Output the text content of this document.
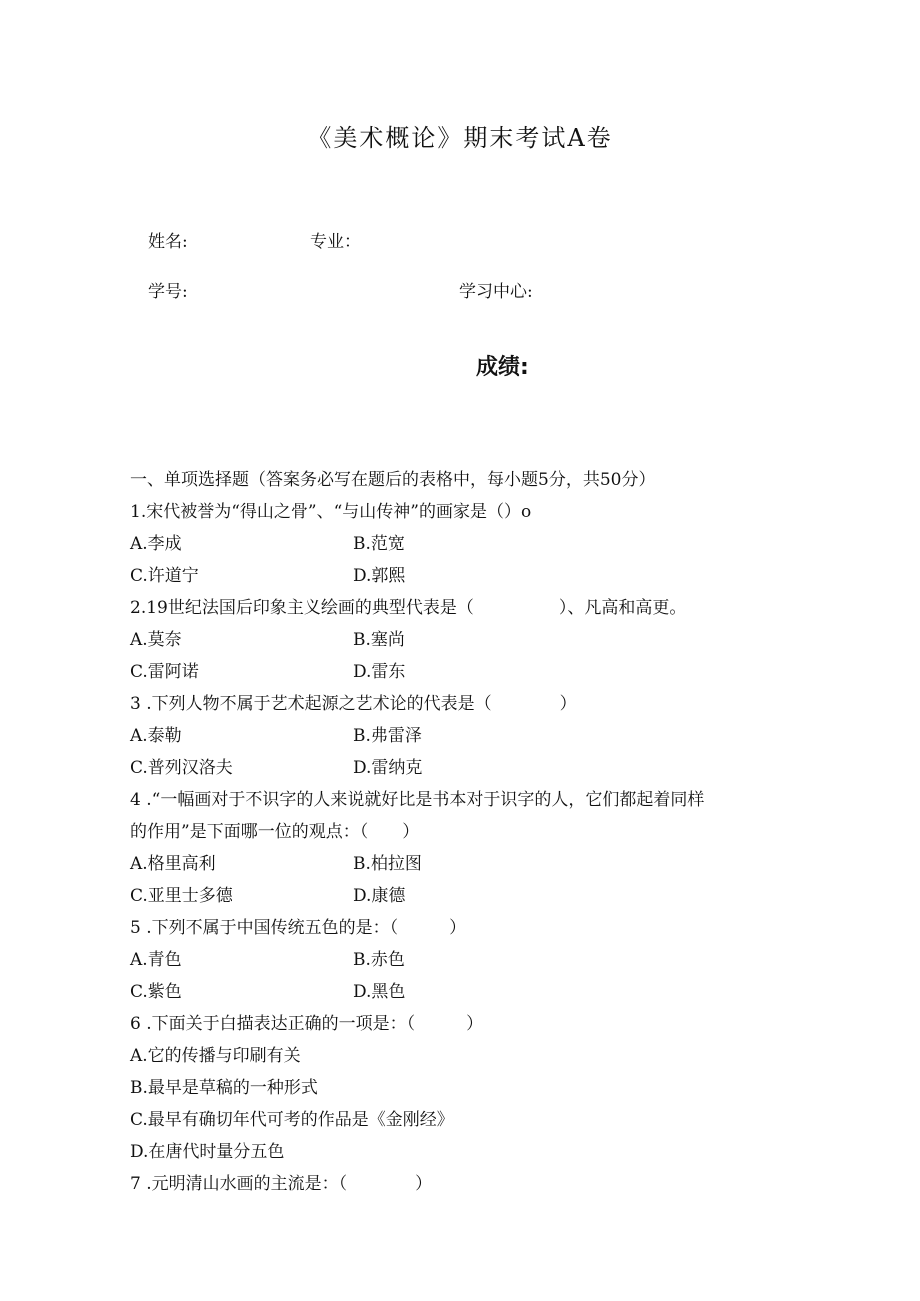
《美术概论》期末考试A卷
姓名:	专业：
学号:	学习中心:
成绩:
一、单项选择题（答案务必写在题后的表格中，每小题5分，共50分）
1.宋代被誉为“得山之骨”、“与山传神”的画家是（）o
A.李成	B.范宽
C.许道宁	D.郭熙
2.19世纪法国后印象主义绘画的典型代表是（　　　　　）、凡高和高更。
A.莫奈	B.塞尚
C.雷阿诺	D.雷东
3 .下列人物不属于艺术起源之艺术论的代表是（　　　　）
A.泰勒	B.弗雷泽
C.普列汉洛夫	D.雷纳克
4 .“一幅画对于不识字的人来说就好比是书本对于识字的人，它们都起着同样
的作用”是下面哪一位的观点：（　　）
A.格里高利	B.柏拉图
C.亚里士多德	D.康德
5 .下列不属于中国传统五色的是：（　　　）
A.青色	B.赤色
C.紫色	D.黑色
6 .下面关于白描表达正确的一项是：（　　　）
A.它的传播与印刷有关
B.最早是草稿的一种形式
C.最早有确切年代可考的作品是《金刚经》
D.在唐代时量分五色
7 .元明清山水画的主流是：（　　　　）
